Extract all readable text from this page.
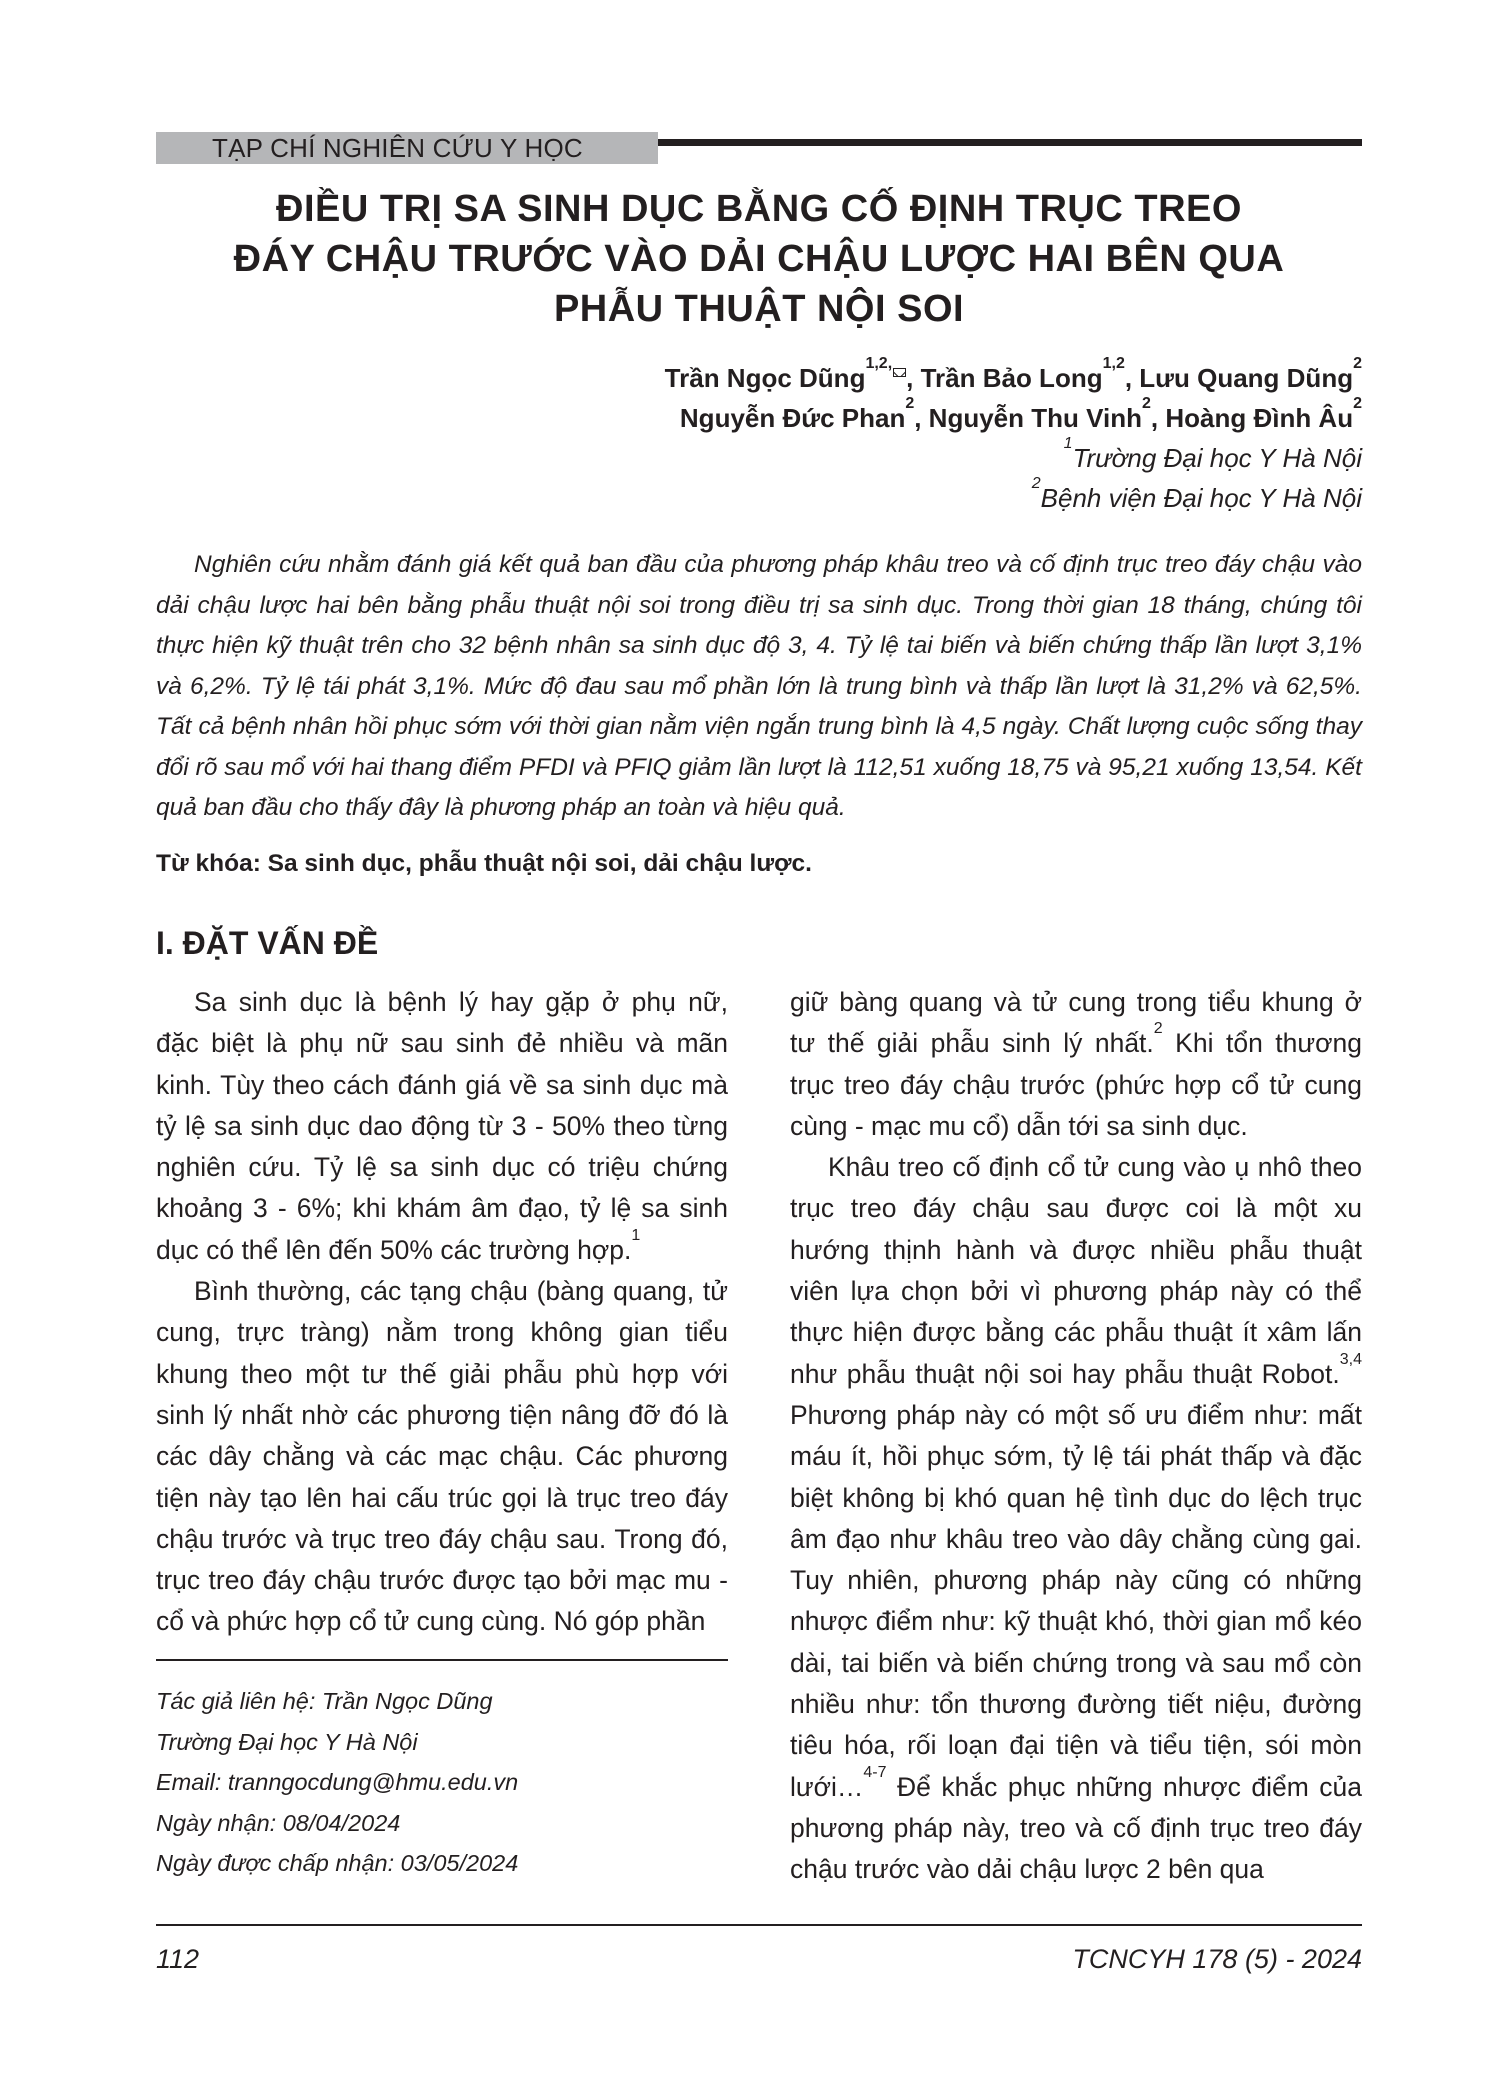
TẠP CHÍ NGHIÊN CỨU Y HỌC
ĐIỀU TRỊ SA SINH DỤC BẰNG CỐ ĐỊNH TRỤC TREO
ĐÁY CHẬU TRƯỚC VÀO DẢI CHẬU LƯỢC HAI BÊN QUA
PHẪU THUẬT NỘI SOI
Trần Ngọc Dũng$^{1,2,}$ , Trần Bảo Long$^{1,2}$, Lưu Quang Dũng$^2$
Nguyễn Đức Phan$^2$, Nguyễn Thu Vinh$^2$, Hoàng Đình $Âu^2$
$^1$Trường Đại học Y Hà Nội
$^2$Bệnh viện Đại học Y Hà Nội

Nghiên cứu nhằm đánh giá kết quả ban đầu của phương pháp khâu treo và cố định trục treo đáy chậu vào dải chậu lược hai bên bằng phẫu thuật nội soi trong điều trị sa sinh dục. Trong thời gian 18 tháng, chúng tôi thực hiện kỹ thuật trên cho 32 bệnh nhân sa sinh dục độ 3, 4. Tỷ lệ tai biến và biến chứng thấp lần lượt 3,1% và 6,2%. Tỷ lệ tái phát 3,1%. Mức độ đau sau mổ phần lớn là trung bình và thấp lần lượt là 31,2% và 62,5%. Tất cả bệnh nhân hồi phục sớm với thời gian nằm viện ngắn trung bình là 4,5 ngày. Chất lượng cuộc sống thay đổi rõ sau mổ với hai thang điểm PFDI và PFIQ giảm lần lượt là 112,51 xuống 18,75 và 95,21 xuống 13,54. Kết quả ban đầu cho thấy đây là phương pháp an toàn và hiệu quả.

Từ khóa: Sa sinh dục, phẫu thuật nội soi, dải chậu lược.
I. ĐẶT VẤN ĐỀ

Sa sinh dục là bệnh lý hay gặp ở phụ nữ, đặc biệt là phụ nữ sau sinh đẻ nhiều và mãn kinh. Tùy theo cách đánh giá về sa sinh dục mà tỷ lệ sa sinh dục dao động từ 3 - 50% theo từng nghiên cứu. Tỷ lệ sa sinh dục có triệu chứng khoảng 3 - 6%; khi khám âm đạo, tỷ lệ sa sinh dục có thể lên đến 50% các trường hợp.$^1$

Bình thường, các tạng chậu (bàng quang, tử cung, trực tràng) nằm trong không gian tiểu khung theo một tư thế giải phẫu phù hợp với sinh lý nhất nhờ các phương tiện nâng đỡ đó là các dây chằng và các mạc chậu. Các phương tiện này tạo lên hai cấu trúc gọi là trục treo đáy chậu trước và trục treo đáy chậu sau. Trong đó, trục treo đáy chậu trước được tạo bởi mạc mu - cổ và phức hợp cổ tử cung cùng. Nó góp phần

giữ bàng quang và tử cung trong tiểu khung ở tư thế giải phẫu sinh lý nhất.$^2$ Khi tổn thương trục treo đáy chậu trước (phức hợp cổ tử cung cùng - mạc mu cổ) dẫn tới sa sinh dục.

Khâu treo cố định cổ tử cung vào ụ nhô theo trục treo đáy chậu sau được coi là một xu hướng thịnh hành và được nhiều phẫu thuật viên lựa chọn bởi vì phương pháp này có thể thực hiện được bằng các phẫu thuật ít xâm lấn như phẫu thuật nội soi hay phẫu thuật Robot.$^{3,4}$ Phương pháp này có một số ưu điểm như: mất máu ít, hồi phục sớm, tỷ lệ tái phát thấp và đặc biệt không bị khó quan hệ tình dục do lệch trục âm đạo như khâu treo vào dây chằng cùng gai. Tuy nhiên, phương pháp này cũng có những nhược điểm như: kỹ thuật khó, thời gian mổ kéo dài, tai biến và biến chứng trong và sau mổ còn nhiều như: tổn thương đường tiết niệu, đường tiêu hóa, rối loạn đại tiện và tiểu tiện, sói mòn lưới…$^{4-7}$ Để khắc phục những nhược điểm của phương pháp này, treo và cố định trục treo đáy chậu trước vào dải chậu lược 2 bên qua

Tác giả liên hệ: Trần Ngọc Dũng
Trường Đại học Y Hà Nội
Email: tranngocdung@hmu.edu.vn
Ngày nhận: 08/04/2024
Ngày được chấp nhận: 03/05/2024
112	TCNCYH 178 (5) - 2024
